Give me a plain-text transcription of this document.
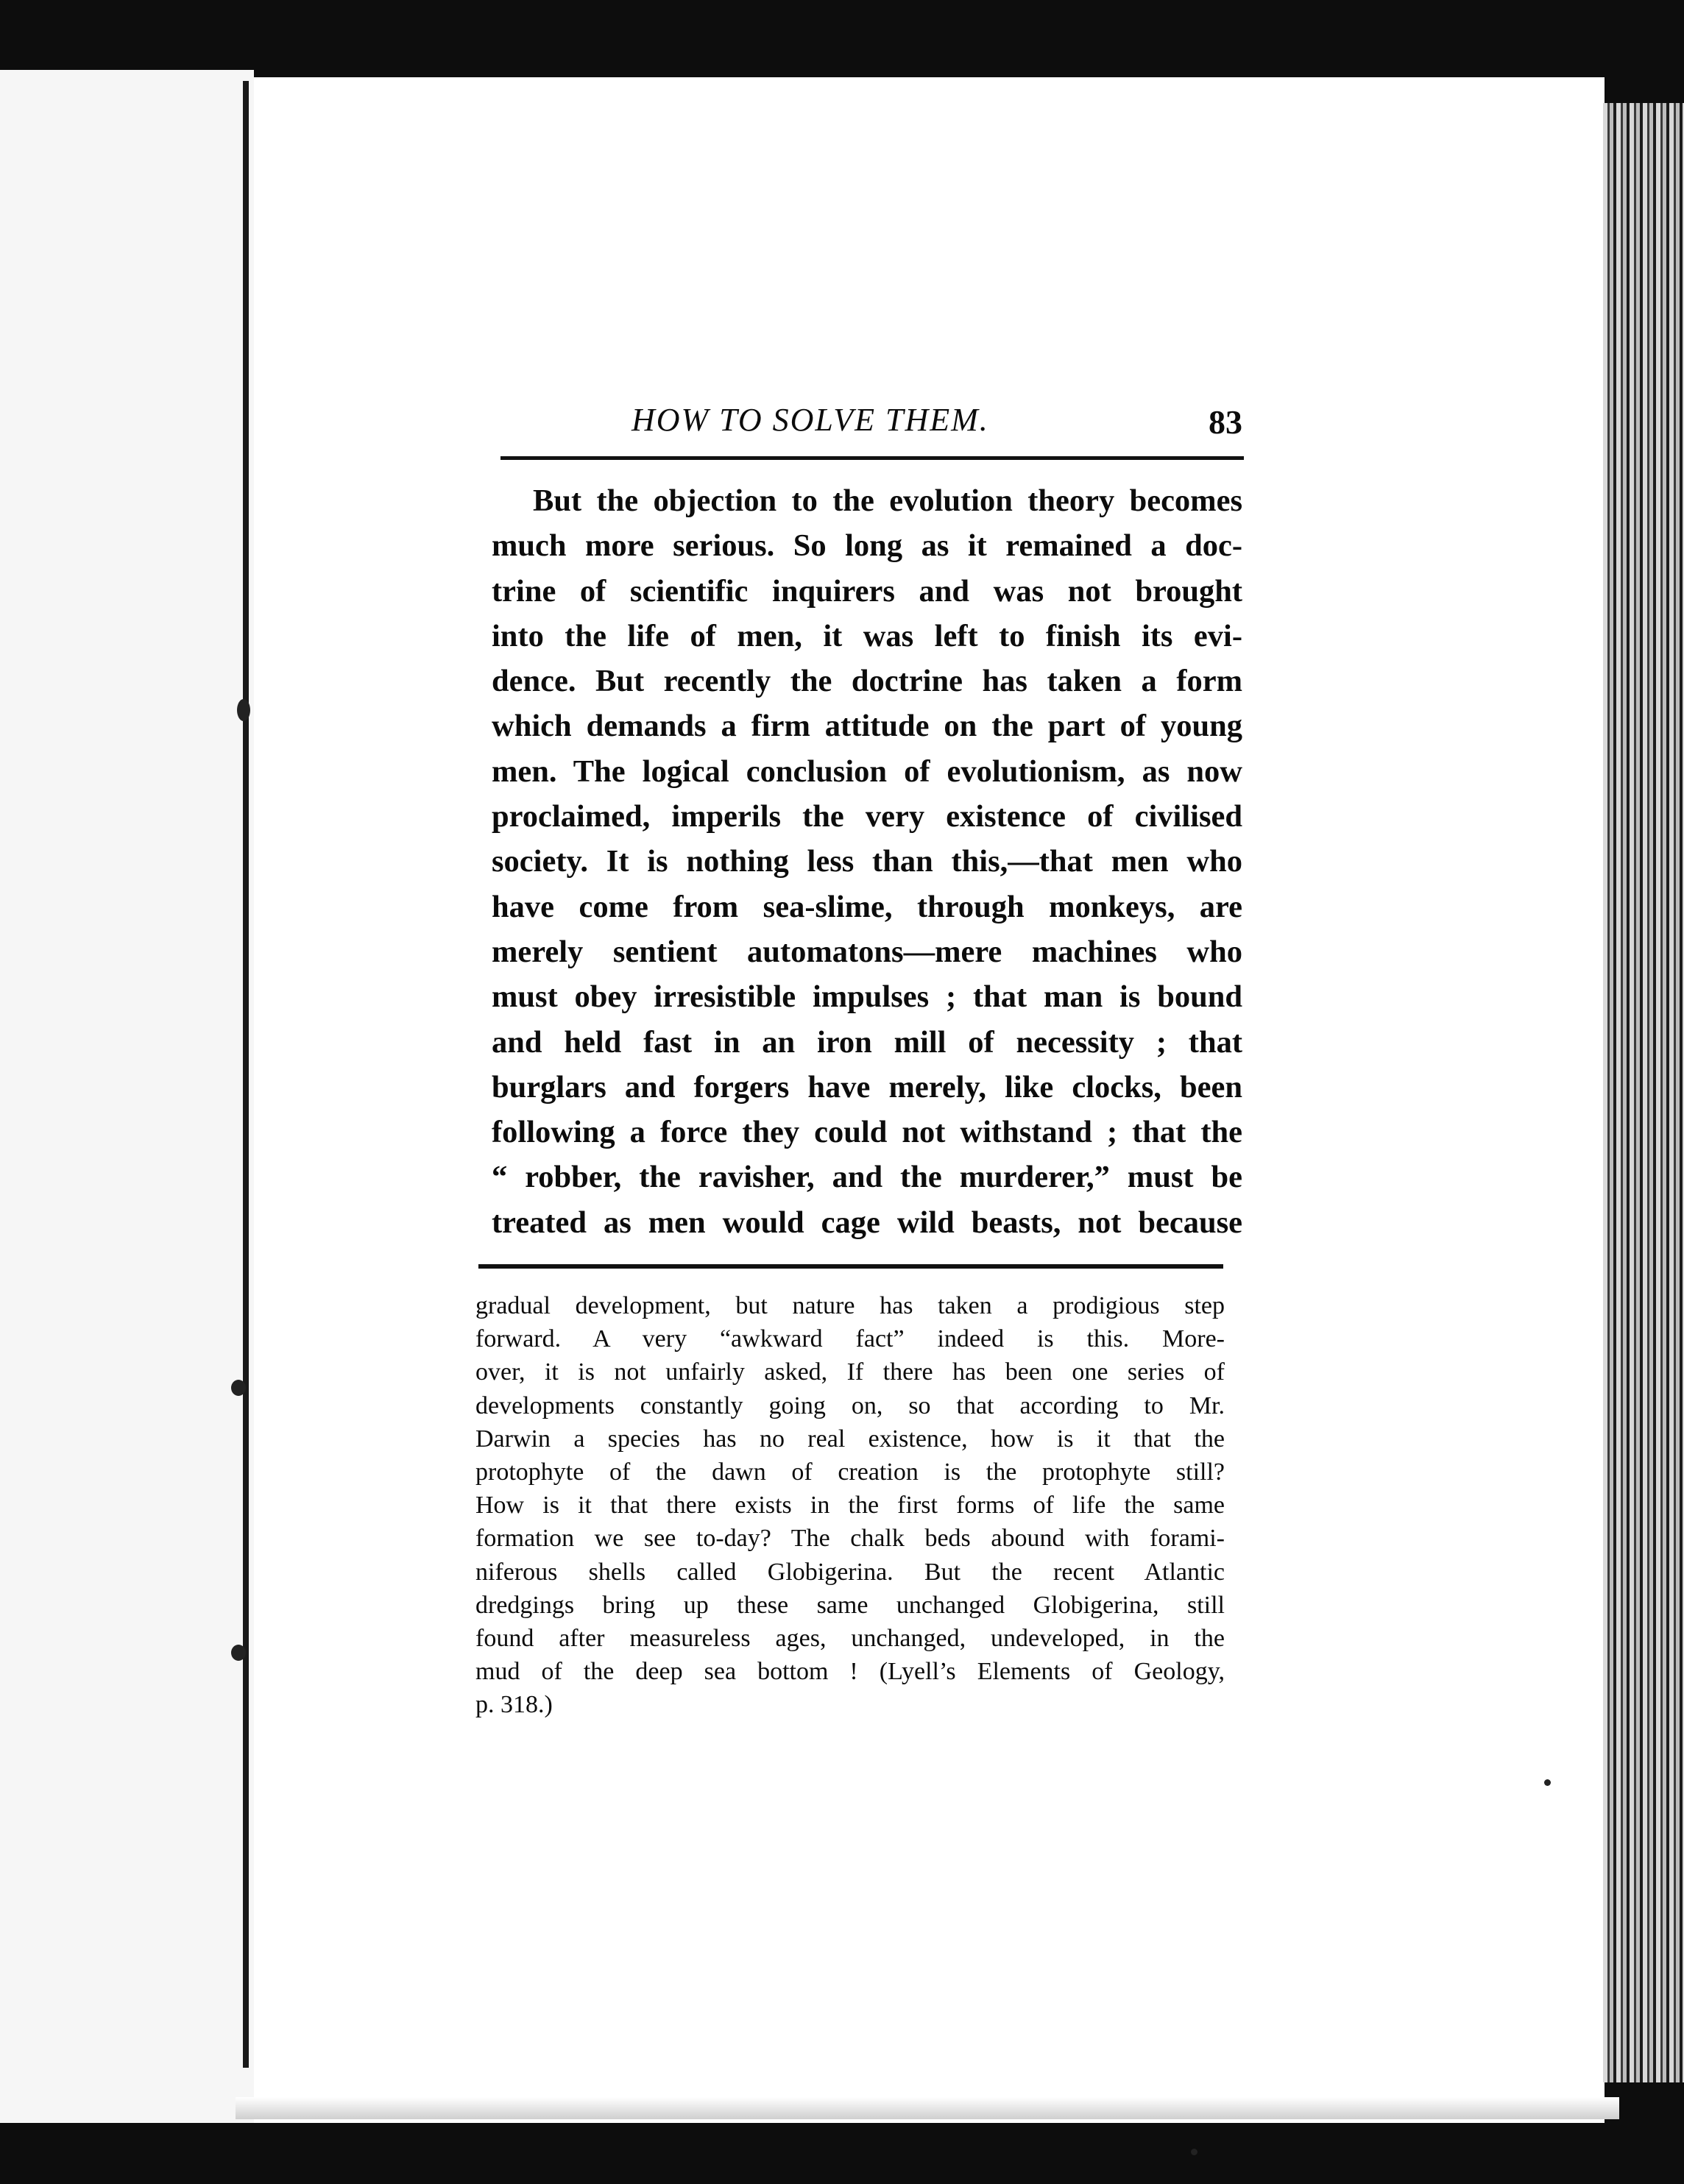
HOW TO SOLVE THEM.	83
But the objection to the evolution theory becomes
much more serious. So long as it remained a doc-
trine of scientific inquirers and was not brought
into the life of men, it was left to finish its evi-
dence. But recently the doctrine has taken a form
which demands a firm attitude on the part of young
men. The logical conclusion of evolutionism, as now
proclaimed, imperils the very existence of civilised
society. It is nothing less than this,—that men who
have come from sea-slime, through monkeys, are
merely sentient automatons—mere machines who
must obey irresistible impulses ; that man is bound
and held fast in an iron mill of necessity ; that
burglars and forgers have merely, like clocks, been
following a force they could not withstand ; that the
“ robber, the ravisher, and the murderer,” must be
treated as men would cage wild beasts, not because
gradual development, but nature has taken a prodigious step
forward. A very “awkward fact” indeed is this. More-
over, it is not unfairly asked, If there has been one series of
developments constantly going on, so that according to Mr.
Darwin a species has no real existence, how is it that the
protophyte of the dawn of creation is the protophyte still?
How is it that there exists in the first forms of life the same
formation we see to-day? The chalk beds abound with forami-
niferous shells called Globigerina. But the recent Atlantic
dredgings bring up these same unchanged Globigerina, still
found after measureless ages, unchanged, undeveloped, in the
mud of the deep sea bottom ! (Lyell’s Elements of Geology,
p. 318.)
